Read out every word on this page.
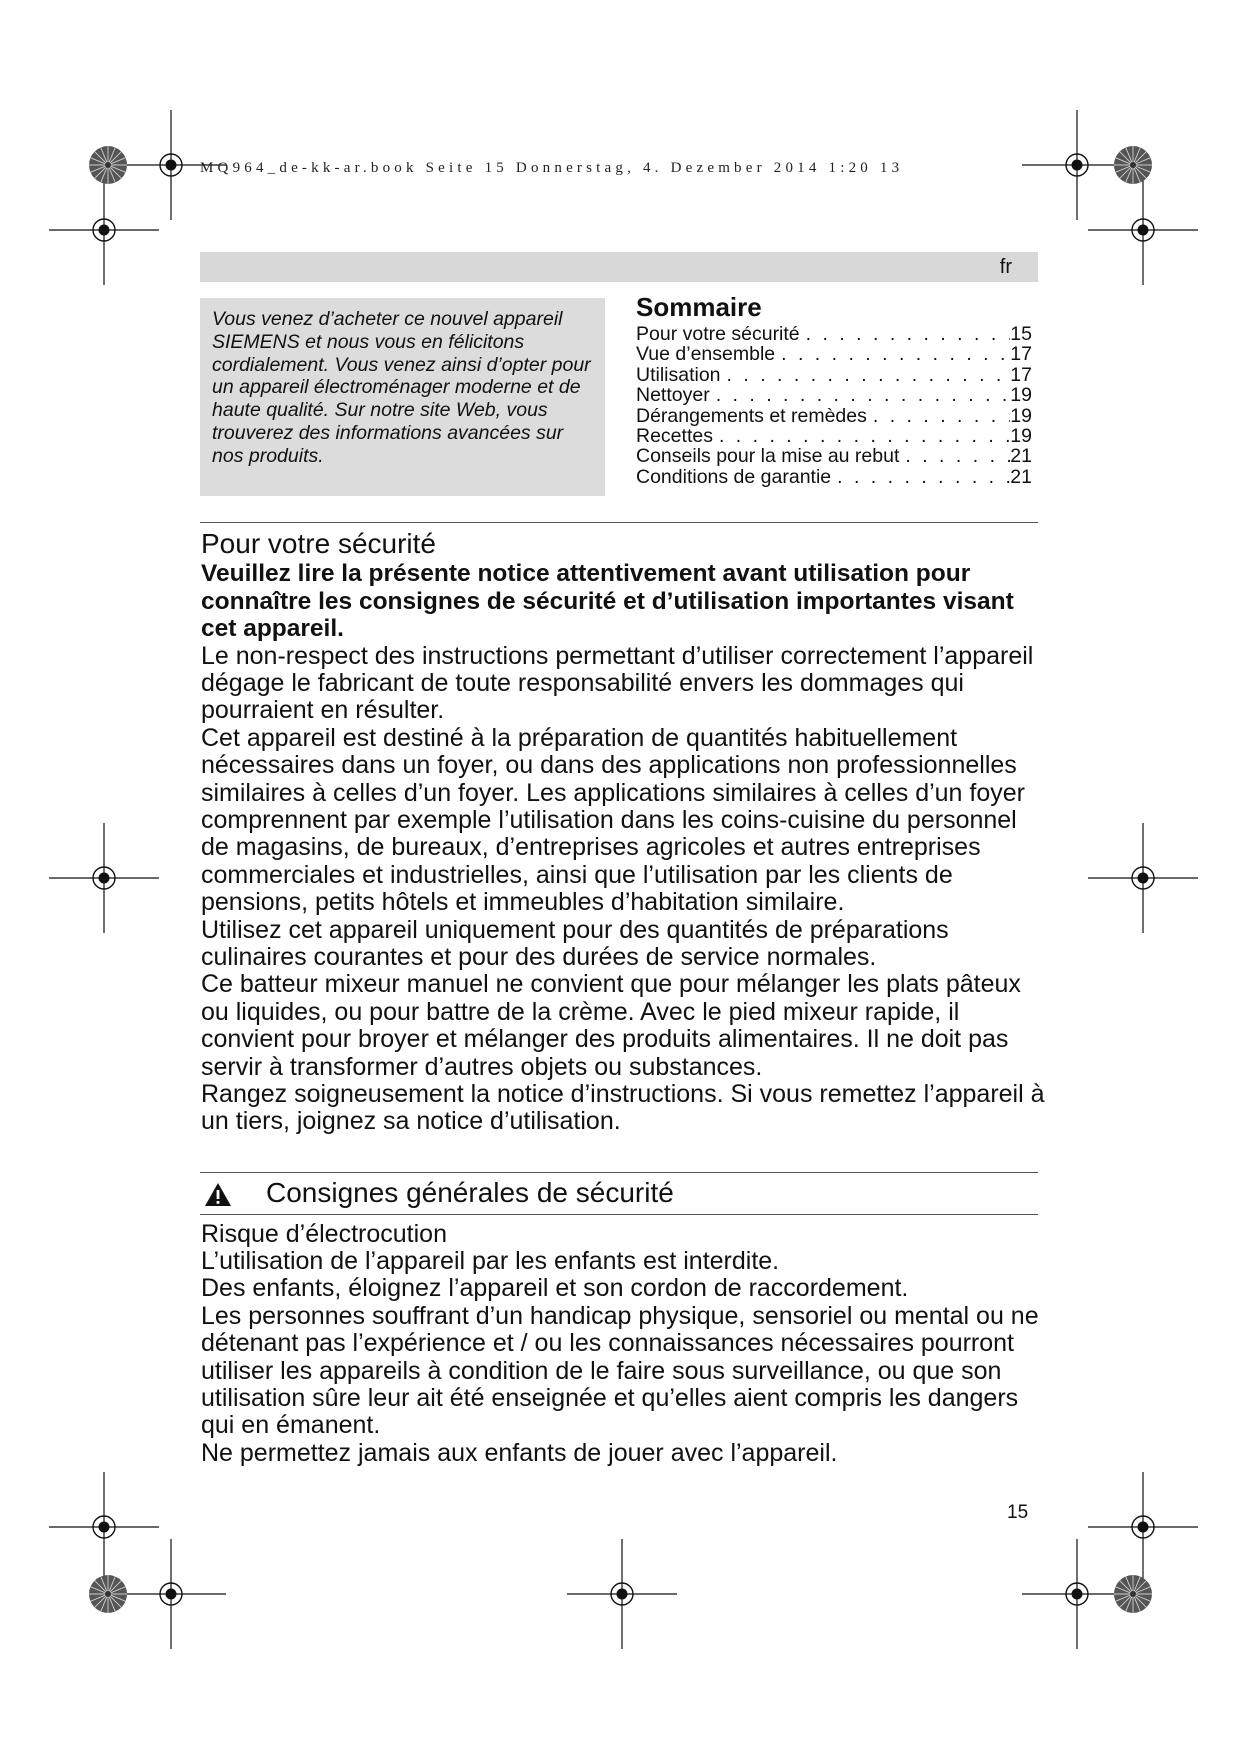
MQ964_de-kk-ar.book Seite 15 Donnerstag, 4. Dezember 2014 1:20 13
fr

Vous venez d’acheter ce nouvel appareil SIEMENS et nous vous en félicitons cordialement. Vous venez ainsi d’opter pour un appareil électroménager moderne et de haute qualité. Sur notre site Web, vous trouverez des informations avancées sur nos produits.

Sommaire
Pour votre sécurité . . .	15
Vue d’ensemble . . .	17
Utilisation . . .	17
Nettoyer . . .	19
Dérangements et remèdes . . .	19
Recettes . . .	19
Conseils pour la mise au rebut . . .	21
Conditions de garantie . . .	21
Pour votre sécurité

Veuillez lire la présente notice attentivement avant utilisation pour connaître les consignes de sécurité et d’utilisation importantes visant cet appareil.

Le non-respect des instructions permettant d’utiliser correctement l’appareil dégage le fabricant de toute responsabilité envers les dommages qui pourraient en résulter.

Cet appareil est destiné à la préparation de quantités habituellement nécessaires dans un foyer, ou dans des applications non professionnelles similaires à celles d’un foyer. Les applications similaires à celles d’un foyer comprennent par exemple l’utilisation dans les coins-cuisine du personnel de magasins, de bureaux, d’entreprises agricoles et autres entreprises commerciales et industrielles, ainsi que l’utilisation par les clients de pensions, petits hôtels et immeubles d’habitation similaire.

Utilisez cet appareil uniquement pour des quantités de préparations culinaires courantes et pour des durées de service normales.

Ce batteur mixeur manuel ne convient que pour mélanger les plats pâteux ou liquides, ou pour battre de la crème. Avec le pied mixeur rapide, il convient pour broyer et mélanger des produits alimentaires. Il ne doit pas servir à transformer d’autres objets ou substances.

Rangez soigneusement la notice d’instructions. Si vous remettez l’appareil à un tiers, joignez sa notice d’utilisation.

Consignes générales de sécurité
Risque d’électrocution

L’utilisation de l’appareil par les enfants est interdite.

Des enfants, éloignez l’appareil et son cordon de raccordement.

Les personnes souffrant d’un handicap physique, sensoriel ou mental ou ne détenant pas l’expérience et / ou les connaissances nécessaires pourront utiliser les appareils à condition de le faire sous surveillance, ou que son utilisation sûre leur ait été enseignée et qu’elles aient compris les dangers qui en émanent.

Ne permettez jamais aux enfants de jouer avec l’appareil.

15
